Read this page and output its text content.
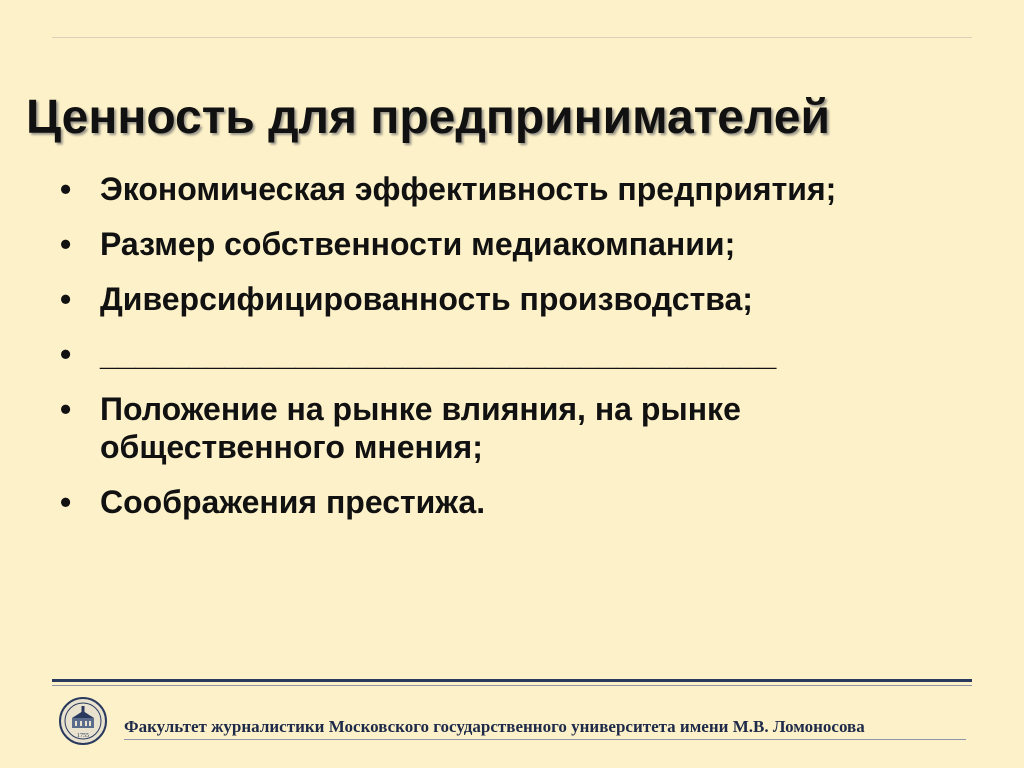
Ценность для предпринимателей
• Экономическая эффективность предприятия;
• Размер собственности медиакомпании;
• Диверсифицированность производства;
• ______________________________________
• Положение на рынке влияния, на рынке общественного мнения;
• Соображения престижа.
1755 Факультет журналистики Московского государственного университета имени М.В. Ломоносова
